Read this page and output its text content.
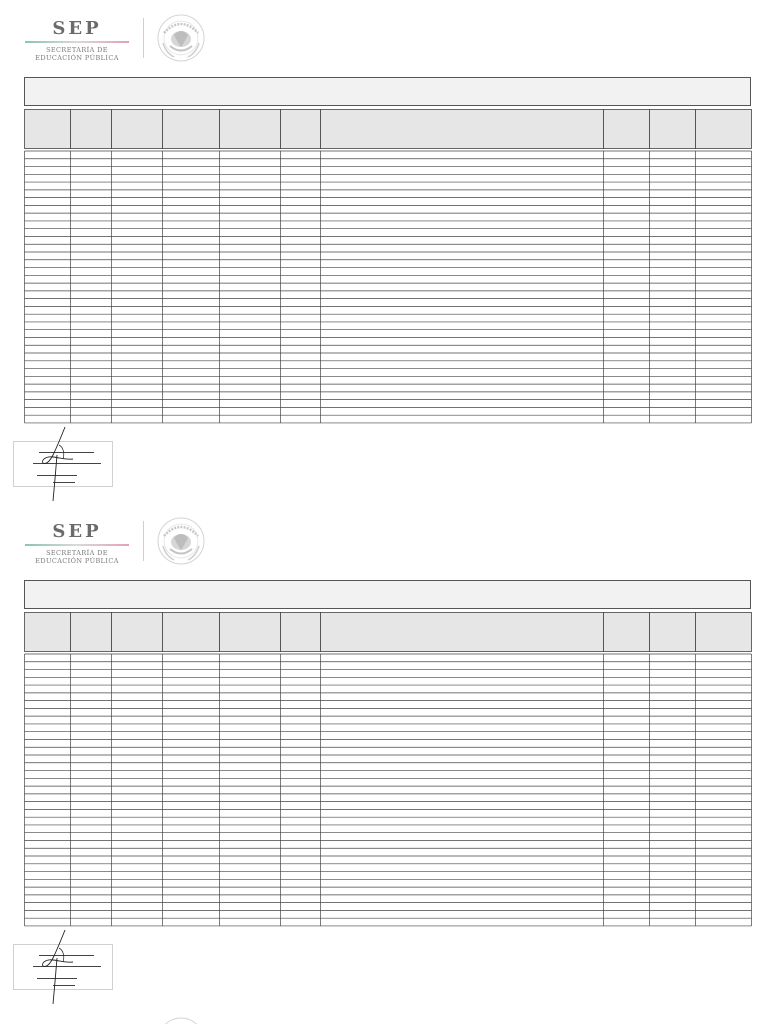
SEP
SECRETARÍA DE
EDUCACIÓN PÚBLICA
SEP
SECRETARÍA DE
EDUCACIÓN PÚBLICA
